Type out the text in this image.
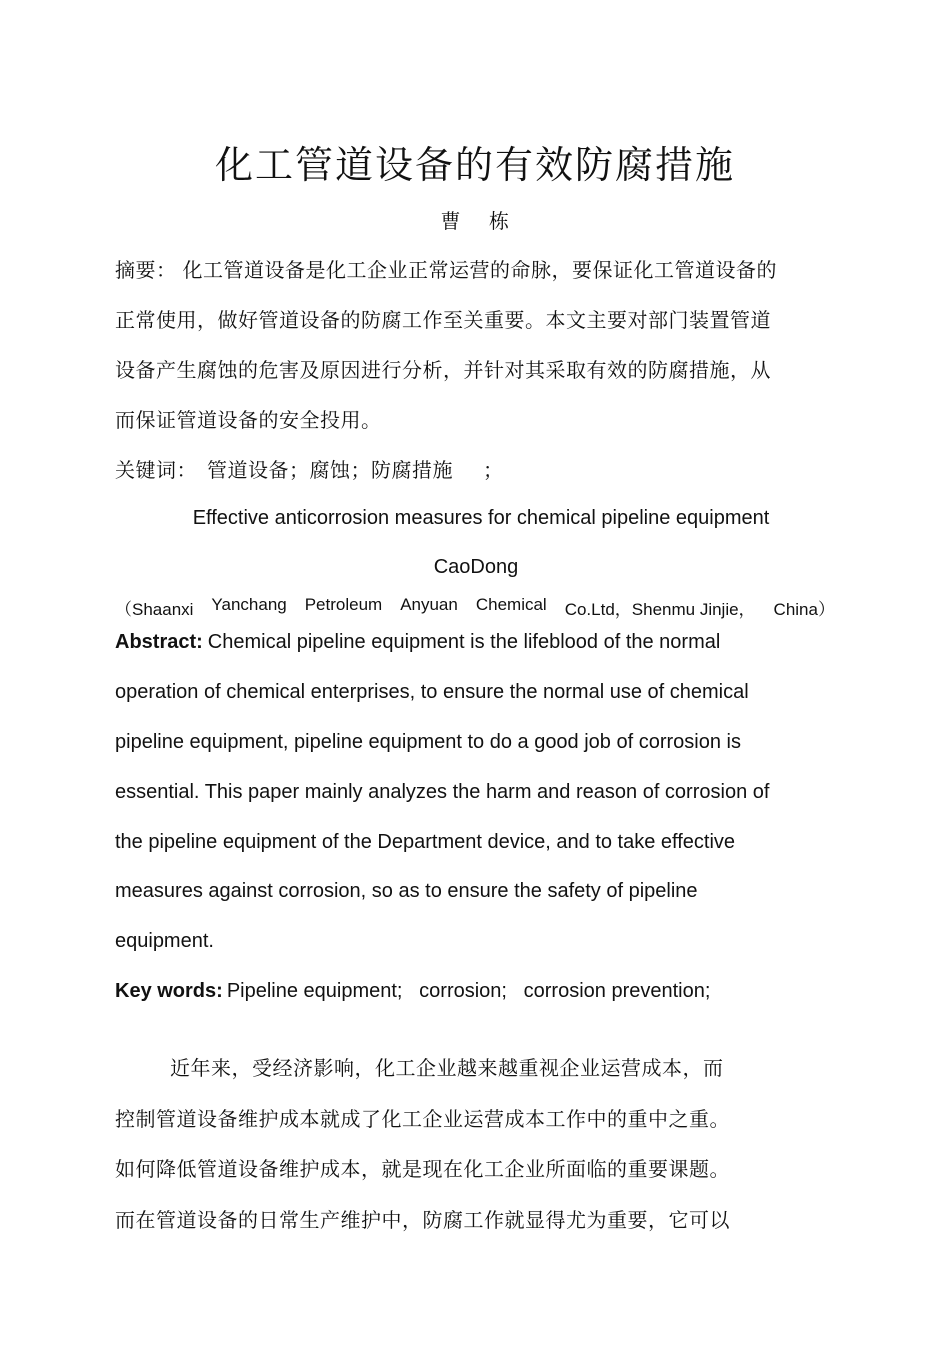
化工管道设备的有效防腐措施
曹 栋
摘要： 化工管道设备是化工企业正常运营的命脉，要保证化工管道设备的
正常使用，做好管道设备的防腐工作至关重要。本文主要对部门装置管道
设备产生腐蚀的危害及原因进行分析，并针对其采取有效的防腐措施，从
而保证管道设备的安全投用。
关键词： 管道设备；腐蚀；防腐措施 ；
Effective anticorrosion measures for chemical pipeline equipment
CaoDong
（Shaanxi Yanchang Petroleum Anyuan Chemical Co.Ltd，Shenmu Jinjie， China）
Abstract: Chemical pipeline equipment is the lifeblood of the normal
operation of chemical enterprises, to ensure the normal use of chemical
pipeline equipment, pipeline equipment to do a good job of corrosion is
essential. This paper mainly analyzes the harm and reason of corrosion of
the pipeline equipment of the Department device, and to take effective
measures against corrosion, so as to ensure the safety of pipeline
equipment.
Key words: Pipeline equipment;   corrosion;   corrosion prevention;
近年来，受经济影响，化工企业越来越重视企业运营成本，而
控制管道设备维护成本就成了化工企业运营成本工作中的重中之重。
如何降低管道设备维护成本，就是现在化工企业所面临的重要课题。
而在管道设备的日常生产维护中，防腐工作就显得尤为重要，它可以
